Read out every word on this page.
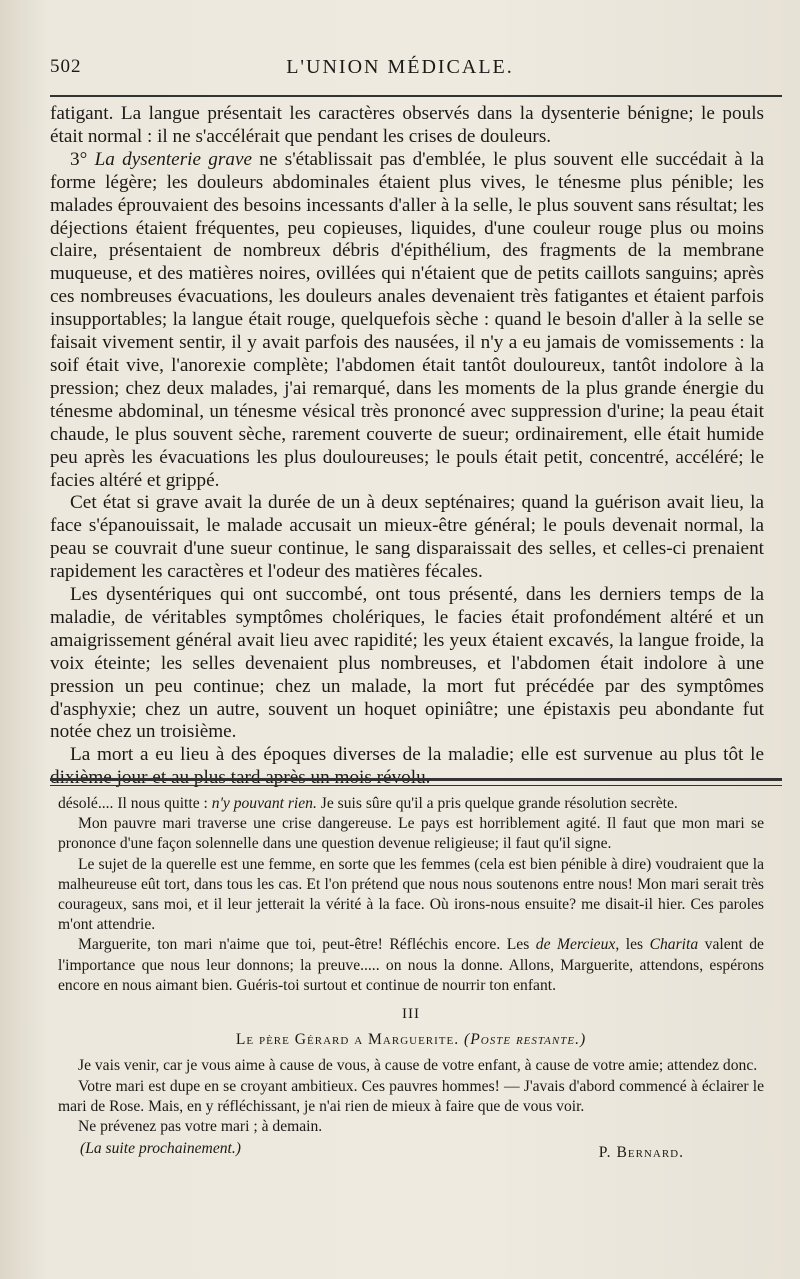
502	L'UNION MÉDICALE.

fatigant. La langue présentait les caractères observés dans la dysenterie bénigne; le pouls était normal : il ne s'accélérait que pendant les crises de douleurs.

3° La dysenterie grave ne s'établissait pas d'emblée, le plus souvent elle succédait à la forme légère; les douleurs abdominales étaient plus vives, le ténesme plus pénible; les malades éprouvaient des besoins incessants d'aller à la selle, le plus souvent sans résultat; les déjections étaient fréquentes, peu copieuses, liquides, d'une couleur rouge plus ou moins claire, présentaient de nombreux débris d'épithélium, des fragments de la membrane muqueuse, et des matières noires, ovillées qui n'étaient que de petits caillots sanguins; après ces nombreuses évacuations, les douleurs anales devenaient très fatigantes et étaient parfois insupportables; la langue était rouge, quelquefois sèche : quand le besoin d'aller à la selle se faisait vivement sentir, il y avait parfois des nausées, il n'y a eu jamais de vomissements : la soif était vive, l'anorexie complète; l'abdomen était tantôt douloureux, tantôt indolore à la pression; chez deux malades, j'ai remarqué, dans les moments de la plus grande énergie du ténesme abdominal, un ténesme vésical très prononcé avec suppression d'urine; la peau était chaude, le plus souvent sèche, rarement couverte de sueur; ordinairement, elle était humide peu après les évacuations les plus douloureuses; le pouls était petit, concentré, accéléré; le facies altéré et grippé.

Cet état si grave avait la durée de un à deux septénaires; quand la guérison avait lieu, la face s'épanouissait, le malade accusait un mieux-être général; le pouls devenait normal, la peau se couvrait d'une sueur continue, le sang disparaissait des selles, et celles-ci prenaient rapidement les caractères et l'odeur des matières fécales.

Les dysentériques qui ont succombé, ont tous présenté, dans les derniers temps de la maladie, de véritables symptômes cholériques, le facies était profondément altéré et un amaigrissement général avait lieu avec rapidité; les yeux étaient excavés, la langue froide, la voix éteinte; les selles devenaient plus nombreuses, et l'abdomen était indolore à une pression un peu continue; chez un malade, la mort fut précédée par des symptômes d'asphyxie; chez un autre, souvent un hoquet opiniâtre; une épistaxis peu abondante fut notée chez un troisième.

La mort a eu lieu à des époques diverses de la maladie; elle est survenue au plus tôt le dixième jour et au plus tard après un mois révolu.

désolé.... Il nous quitte : n'y pouvant rien. Je suis sûre qu'il a pris quelque grande résolution secrète.

Mon pauvre mari traverse une crise dangereuse. Le pays est horriblement agité. Il faut que mon mari se prononce d'une façon solennelle dans une question devenue religieuse; il faut qu'il signe.

Le sujet de la querelle est une femme, en sorte que les femmes (cela est bien pénible à dire) voudraient que la malheureuse eût tort, dans tous les cas. Et l'on prétend que nous nous soutenons entre nous! Mon mari serait très courageux, sans moi, et il leur jetterait la vérité à la face. Où irons-nous ensuite? me disait-il hier. Ces paroles m'ont attendrie.

Marguerite, ton mari n'aime que toi, peut-être! Réfléchis encore. Les de Mercieux, les Charita valent de l'importance que nous leur donnons; la preuve..... on nous la donne. Allons, Marguerite, attendons, espérons encore en nous aimant bien. Guéris-toi surtout et continue de nourrir ton enfant.

III
Le père Gérard a Marguerite. (Poste restante.)

Je vais venir, car je vous aime à cause de vous, à cause de votre enfant, à cause de votre amie; attendez donc.

Votre mari est dupe en se croyant ambitieux. Ces pauvres hommes! — J'avais d'abord commencé à éclairer le mari de Rose. Mais, en y réfléchissant, je n'ai rien de mieux à faire que de vous voir.

Ne prévenez pas votre mari ; à demain.

(La suite prochainement.)	P. Bernard.
